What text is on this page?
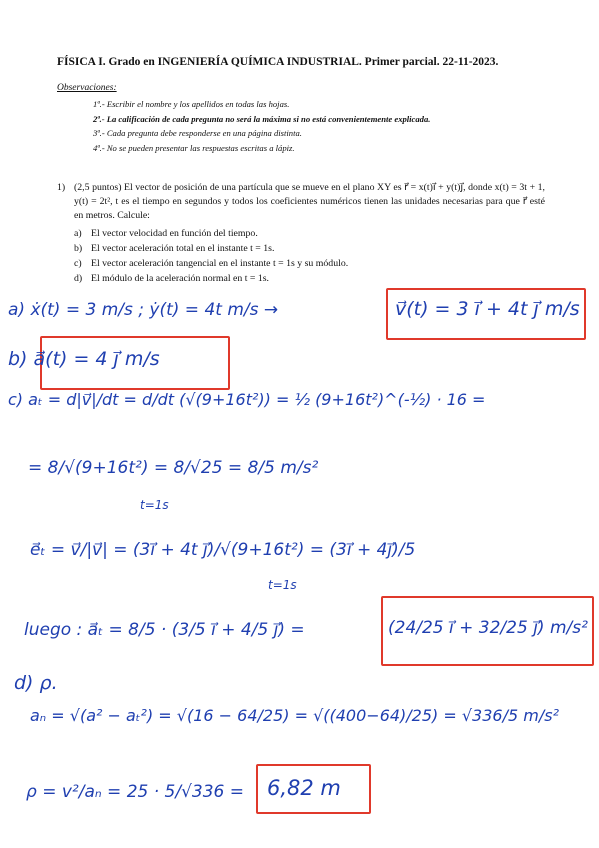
FÍSICA I. Grado en INGENIERÍA QUÍMICA INDUSTRIAL. Primer parcial. 22-11-2023.
Observaciones:
1ª.- Escribir el nombre y los apellidos en todas las hojas.
2ª.- La calificación de cada pregunta no será la máxima si no está convenientemente explicada.
3ª.- Cada pregunta debe responderse en una página distinta.
4ª.- No se pueden presentar las respuestas escritas a lápiz.
1) (2,5 puntos) El vector de posición de una partícula que se mueve en el plano XY es r⃗ = x(t)i⃗ + y(t)j⃗, donde x(t) = 3t + 1, y(t) = 2t², t es el tiempo en segundos y todos los coeficientes numéricos tienen las unidades necesarias para que r⃗ esté en metros. Calcule:
a) El vector velocidad en función del tiempo.
b) El vector aceleración total en el instante t = 1s.
c) El vector aceleración tangencial en el instante t = 1s y su módulo.
d) El módulo de la aceleración normal en t = 1s.
a) ẋ(t) = 3 m/s ; ẏ(t) = 4t m/s →	v⃗(t) = 3 i⃗ + 4t j⃗ m/s
b) a⃗(t) = 4 j⃗ m/s
c) aₜ = d|v⃗|/dt = d/dt (√(9+16t²)) = ½ (9+16t²)^(-½) · 16 =
= 8/√(9+16t²) = 8/√25 = 8/5 m/s²
t=1s
e⃗ₜ = v⃗/|v⃗| = (3i⃗ + 4t j⃗)/√(9+16t²) = (3i⃗ + 4j⃗)/5
t=1s
luego : a⃗ₜ = 8/5 · (3/5 i⃗ + 4/5 j⃗) =	(24/25 i⃗ + 32/25 j⃗) m/s²
d) ρ.
aₙ = √(a² − aₜ²) = √(16 − 64/25) = √((400−64)/25) = √336/5 m/s²
ρ = v²/aₙ = 25 · 5/√336 = 6,82 m
